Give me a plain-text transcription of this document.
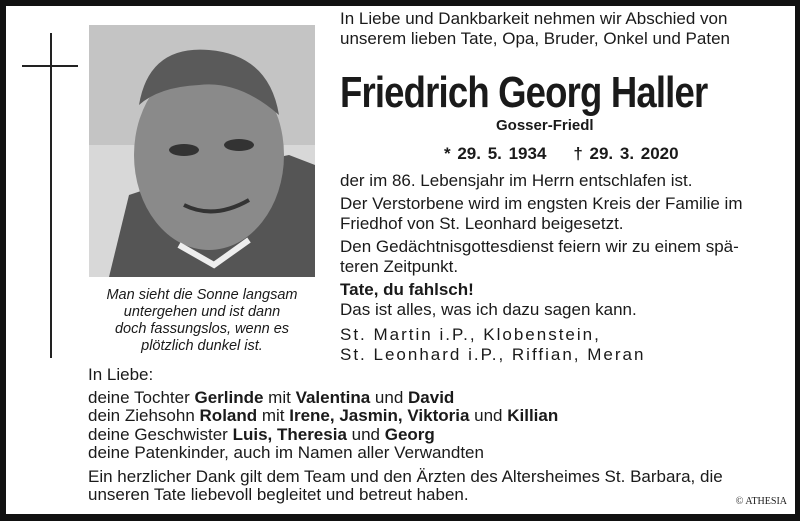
Man sieht die Sonne langsam
untergehen und ist dann
doch fassungslos, wenn es
plötzlich dunkel ist.
In Liebe und Dankbarkeit nehmen wir Abschied von
unserem lieben Tate, Opa, Bruder, Onkel und Paten
Friedrich Georg Haller
Gosser-Friedl
* 29. 5. 1934 † 29. 3. 2020
der im 86. Lebensjahr im Herrn entschlafen ist.
Der Verstorbene wird im engsten Kreis der Familie im
Friedhof von St. Leonhard beigesetzt.
Den Gedächtnisgottesdienst feiern wir zu einem spä-
teren Zeitpunkt.
Tate, du fahlsch!
Das ist alles, was ich dazu sagen kann.
St. Martin i.P., Klobenstein,
St. Leonhard i.P., Riffian, Meran
In Liebe:
deine Tochter Gerlinde mit Valentina und David
dein Ziehsohn Roland mit Irene, Jasmin, Viktoria und Killian
deine Geschwister Luis, Theresia und Georg
deine Patenkinder, auch im Namen aller Verwandten
Ein herzlicher Dank gilt dem Team und den Ärzten des Altersheimes St. Barbara, die
unseren Tate liebevoll begleitet und betreut haben.	© ATHESIA
